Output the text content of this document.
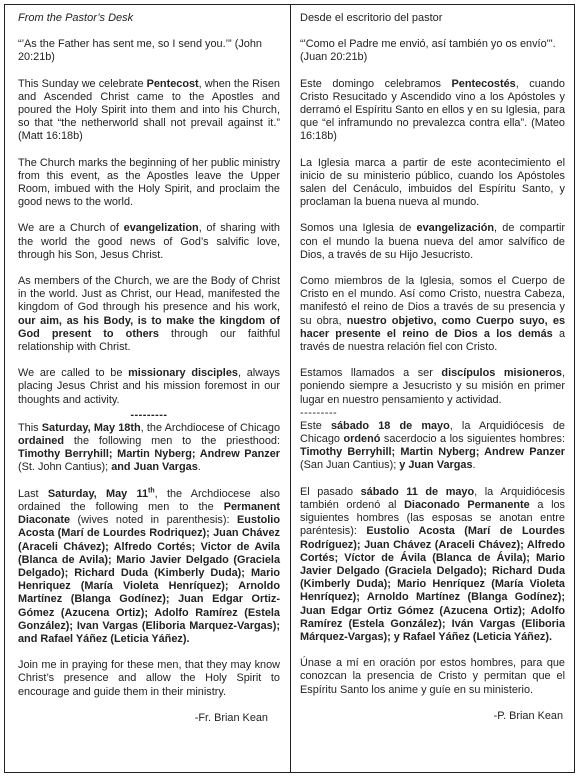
From the Pastor’s Desk

“’As the Father has sent me, so I send you.’” (John 20:21b)

This Sunday we celebrate Pentecost, when the Risen and Ascended Christ came to the Apostles and poured the Holy Spirit into them and into his Church, so that “the netherworld shall not prevail against it.” (Matt 16:18b)

The Church marks the beginning of her public ministry from this event, as the Apostles leave the Upper Room, imbued with the Holy Spirit, and proclaim the good news to the world.

We are a Church of evangelization, of sharing with the world the good news of God’s salvific love, through his Son, Jesus Christ.

As members of the Church, we are the Body of Christ in the world. Just as Christ, our Head, manifested the kingdom of God through his presence and his work, our aim, as his Body, is to make the kingdom of God present to others through our faithful relationship with Christ.

We are called to be missionary disciples, always placing Jesus Christ and his mission foremost in our thoughts and activity.

---------

This Saturday, May 18th, the Archdiocese of Chicago ordained the following men to the priesthood: Timothy Berryhill; Martin Nyberg; Andrew Panzer (St. John Cantius); and Juan Vargas.

Last Saturday, May 11th, the Archdiocese also ordained the following men to the Permanent Diaconate (wives noted in parenthesis): Eustolio Acosta (Marí de Lourdes Rodriquez); Juan Chávez (Araceli Chávez); Alfredo Cortés; Victor de Avila (Blanca de Avila); Mario Javier Delgado (Graciela Delgado); Richard Duda (Kimberly Duda); Mario Henriquez (María Violeta Henríquez); Arnoldo Martínez (Blanga Godínez); Juan Edgar Ortiz-Gómez (Azucena Ortiz); Adolfo Ramírez (Estela González); Ivan Vargas (Eliboria Marquez-Vargas); and Rafael Yáñez (Leticia Yáñez).

Join me in praying for these men, that they may know Christ’s presence and allow the Holy Spirit to encourage and guide them in their ministry.

-Fr. Brian Kean
Desde el escritorio del pastor

“'Como el Padre me envió, así también yo os envío'". (Juan 20:21b)

Este domingo celebramos Pentecostés, cuando Cristo Resucitado y Ascendido vino a los Apóstoles y derramó el Espíritu Santo en ellos y en su Iglesia, para que “el inframundo no prevalezca contra ella”. (Mateo 16:18b)

La Iglesia marca a partir de este acontecimiento el inicio de su ministerio público, cuando los Apóstoles salen del Cenáculo, imbuidos del Espíritu Santo, y proclaman la buena nueva al mundo.

Somos una Iglesia de evangelización, de compartir con el mundo la buena nueva del amor salvífico de Dios, a través de su Hijo Jesucristo.

Como miembros de la Iglesia, somos el Cuerpo de Cristo en el mundo. Así como Cristo, nuestra Cabeza, manifestó el reino de Dios a través de su presencia y su obra, nuestro objetivo, como Cuerpo suyo, es hacer presente el reino de Dios a los demás a través de nuestra relación fiel con Cristo.

Estamos llamados a ser discípulos misioneros, poniendo siempre a Jesucristo y su misión en primer lugar en nuestro pensamiento y actividad.

---------

Este sábado 18 de mayo, la Arquidiócesis de Chicago ordenó sacerdocio a los siguientes hombres: Timothy Berryhill; Martin Nyberg; Andrew Panzer (San Juan Cantius); y Juan Vargas.

El pasado sábado 11 de mayo, la Arquidiócesis también ordenó al Diaconado Permanente a los siguientes hombres (las esposas se anotan entre paréntesis): Eustolio Acosta (Marí de Lourdes Rodríguez); Juan Chávez (Araceli Chávez); Alfredo Cortés; Víctor de Ávila (Blanca de Ávila); Mario Javier Delgado (Graciela Delgado); Richard Duda (Kimberly Duda); Mario Henríquez (María Violeta Henríquez); Arnoldo Martínez (Blanga Godínez); Juan Edgar Ortiz Gómez (Azucena Ortiz); Adolfo Ramírez (Estela González); Iván Vargas (Eliboria Márquez-Vargas); y Rafael Yáñez (Leticia Yáñez).

Únase a mí en oración por estos hombres, para que conozcan la presencia de Cristo y permitan que el Espíritu Santo los anime y guíe en su ministerio.

-P. Brian Kean
